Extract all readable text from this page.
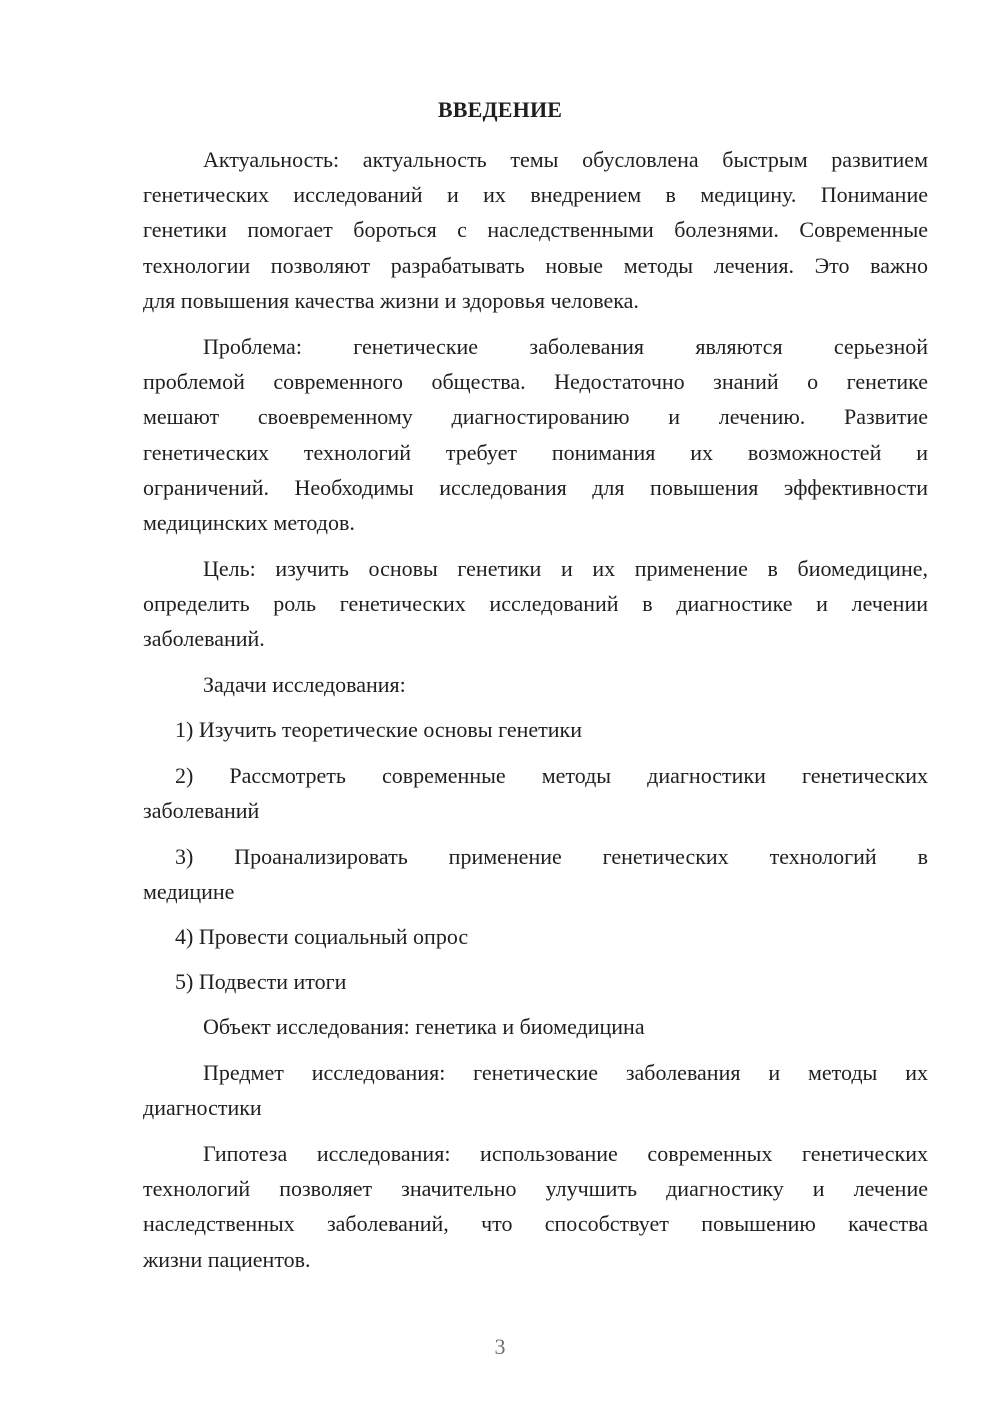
ВВЕДЕНИЕ
Актуальность: актуальность темы обусловлена быстрым развитием
генетических исследований и их внедрением в медицину. Понимание
генетики помогает бороться с наследственными болезнями. Современные
технологии позволяют разрабатывать новые методы лечения. Это важно
для повышения качества жизни и здоровья человека.
Проблема: генетические заболевания являются серьезной
проблемой современного общества. Недостаточно знаний о генетике
мешают своевременному диагностированию и лечению. Развитие
генетических технологий требует понимания их возможностей и
ограничений. Необходимы исследования для повышения эффективности
медицинских методов.
Цель: изучить основы генетики и их применение в биомедицине,
определить роль генетических исследований в диагностике и лечении
заболеваний.
Задачи исследования:
1) Изучить теоретические основы генетики
2) Рассмотреть современные методы диагностики генетических
заболеваний
3) Проанализировать применение генетических технологий в
медицине
4) Провести социальный опрос
5) Подвести итоги
Объект исследования: генетика и биомедицина
Предмет исследования: генетические заболевания и методы их
диагностики
Гипотеза исследования: использование современных генетических
технологий позволяет значительно улучшить диагностику и лечение
наследственных заболеваний, что способствует повышению качества
жизни пациентов.
3
